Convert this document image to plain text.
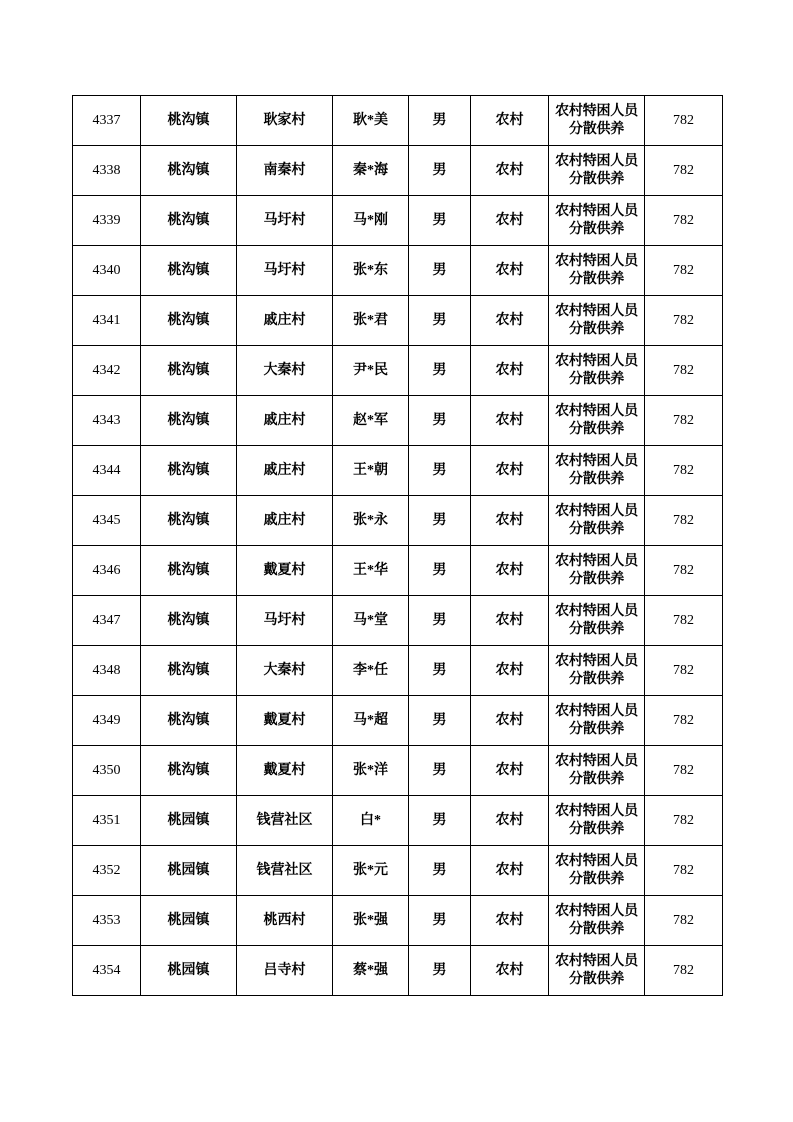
4337	桃沟镇	耿家村	耿*美	男	农村	农村特困人员分散供养	782
4338	桃沟镇	南秦村	秦*海	男	农村	农村特困人员分散供养	782
4339	桃沟镇	马圩村	马*刚	男	农村	农村特困人员分散供养	782
4340	桃沟镇	马圩村	张*东	男	农村	农村特困人员分散供养	782
4341	桃沟镇	戚庄村	张*君	男	农村	农村特困人员分散供养	782
4342	桃沟镇	大秦村	尹*民	男	农村	农村特困人员分散供养	782
4343	桃沟镇	戚庄村	赵*军	男	农村	农村特困人员分散供养	782
4344	桃沟镇	戚庄村	王*朝	男	农村	农村特困人员分散供养	782
4345	桃沟镇	戚庄村	张*永	男	农村	农村特困人员分散供养	782
4346	桃沟镇	戴夏村	王*华	男	农村	农村特困人员分散供养	782
4347	桃沟镇	马圩村	马*堂	男	农村	农村特困人员分散供养	782
4348	桃沟镇	大秦村	李*任	男	农村	农村特困人员分散供养	782
4349	桃沟镇	戴夏村	马*超	男	农村	农村特困人员分散供养	782
4350	桃沟镇	戴夏村	张*洋	男	农村	农村特困人员分散供养	782
4351	桃园镇	钱营社区	白*	男	农村	农村特困人员分散供养	782
4352	桃园镇	钱营社区	张*元	男	农村	农村特困人员分散供养	782
4353	桃园镇	桃西村	张*强	男	农村	农村特困人员分散供养	782
4354	桃园镇	吕寺村	蔡*强	男	农村	农村特困人员分散供养	782
